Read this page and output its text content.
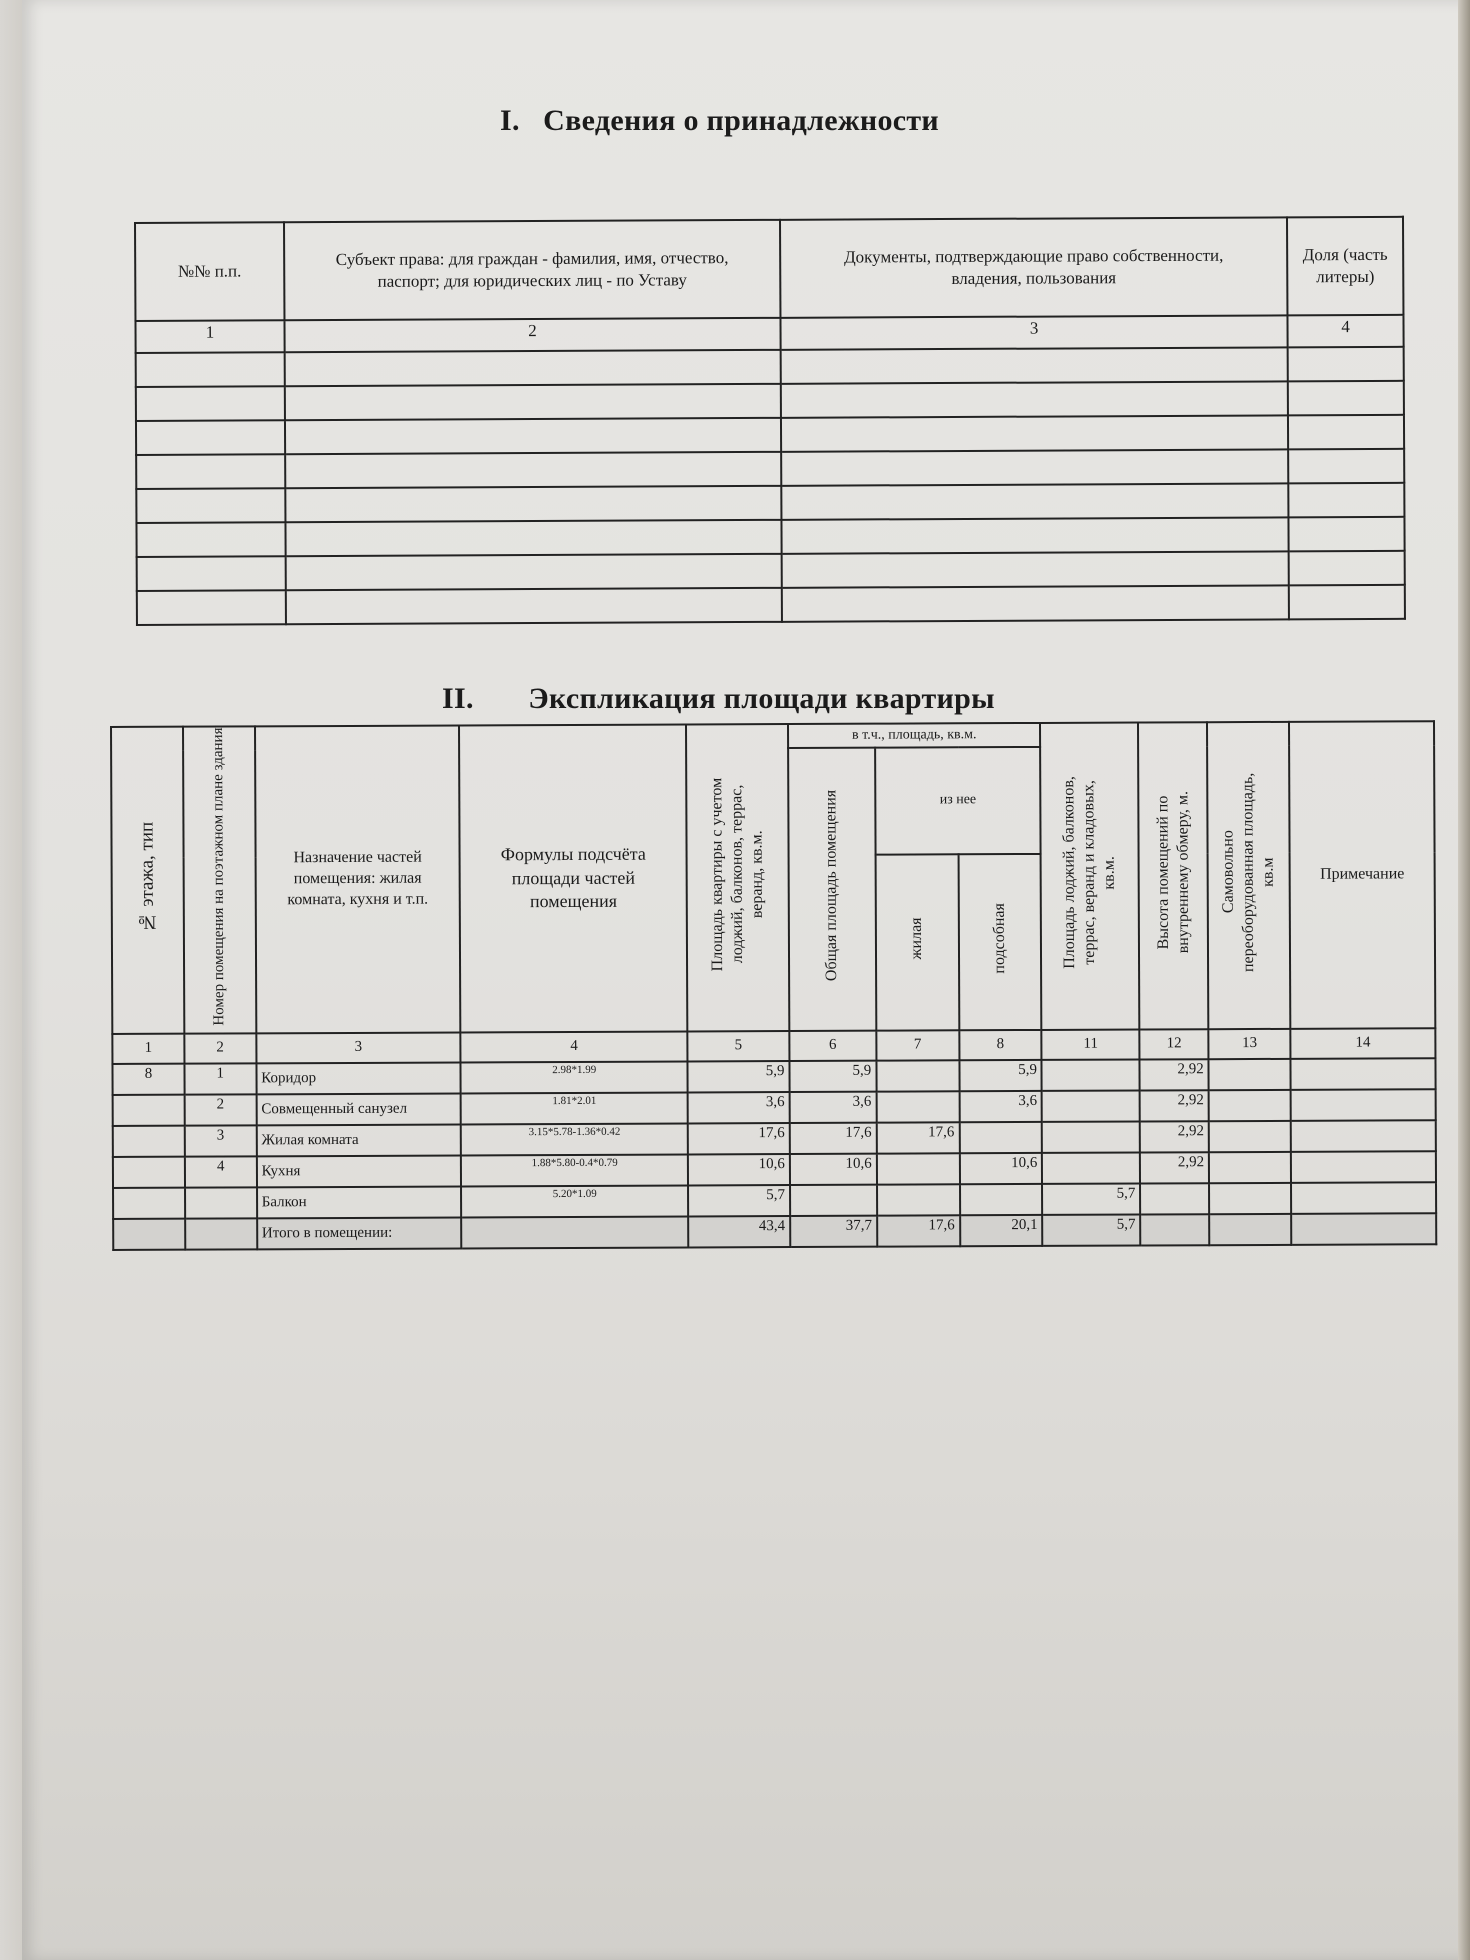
I.   Сведения о принадлежности
№№ п.п.	Субъект права: для граждан - фамилия, имя, отчество, паспорт; для юридических лиц - по Уставу	Документы, подтверждающие право собственности, владения, пользования	Доля (часть литеры)
1	2	3	4

II.       Экспликация площади квартиры
№ этажа, тип	Номер помещения на поэтажном плане здания	Назначение частей помещения: жилая комната, кухня и т.п.	Формулы подсчёта площади частей помещения	Площадь квартиры с учетом лоджий, балконов, террас, веранд, кв.м.	в т.ч., площадь, кв.м.			Площадь лоджий, балконов, террас, веранд и кладовых, кв.м.	Высота помещений по внутреннему обмеру, м.	Самовольно переоборудованная площадь, кв.м	Примечание
					Общая площадь помещения	из нее					
						жилая	подсобная				
1	2	3	4	5	6	7	8	11	12	13	14
8	1	Коридор	2.98*1.99	5,9	5,9		5,9		2,92		
	2	Совмещенный санузел	1.81*2.01	3,6	3,6		3,6		2,92		
	3	Жилая комната	3.15*5.78-1.36*0.42	17,6	17,6	17,6			2,92		
	4	Кухня	1.88*5.80-0.4*0.79	10,6	10,6		10,6		2,92		
		Балкон	5.20*1.09	5,7				5,7			
		Итого в помещении:		43,4	37,7	17,6	20,1	5,7			
